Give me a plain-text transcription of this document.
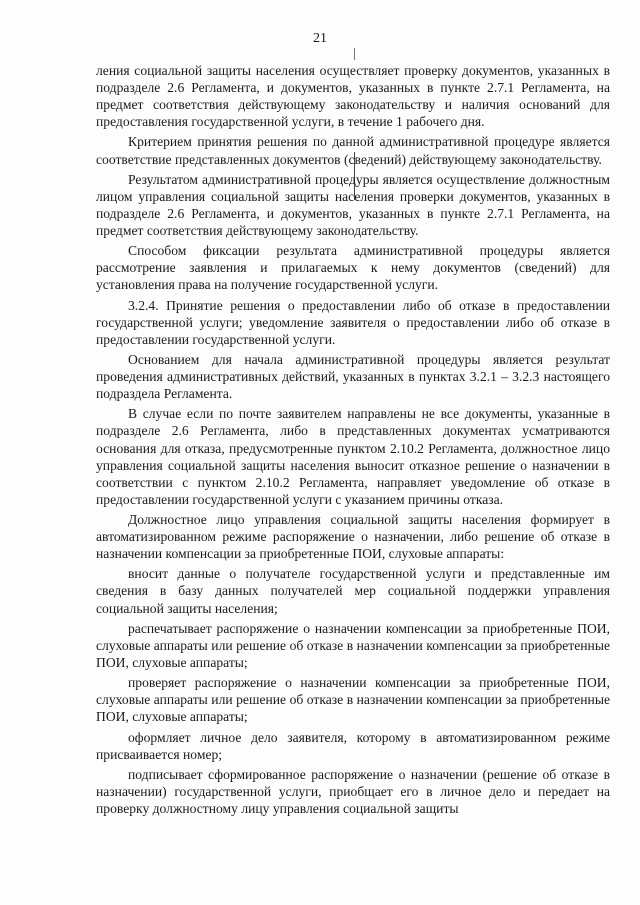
21

ления социальной защиты населения осуществляет проверку документов, указанных в подразделе 2.6 Регламента, и документов, указанных в пункте 2.7.1 Регламента, на предмет соответствия действующему законодательству и наличия оснований для предоставления государственной услуги, в течение 1 рабочего дня.

Критерием принятия решения по данной административной процедуре является соответствие представленных документов (сведений) действующему законодательству.

Результатом административной процедуры является осуществление должностным лицом управления социальной защиты населения проверки документов, указанных в подразделе 2.6 Регламента, и документов, указанных в пункте 2.7.1 Регламента, на предмет соответствия действующему законодательству.

Способом фиксации результата административной процедуры является рассмотрение заявления и прилагаемых к нему документов (сведений) для установления права на получение государственной услуги.

3.2.4. Принятие решения о предоставлении либо об отказе в предоставлении государственной услуги; уведомление заявителя о предоставлении либо об отказе в предоставлении государственной услуги.

Основанием для начала административной процедуры является результат проведения административных действий, указанных в пунктах 3.2.1 – 3.2.3 настоящего подраздела Регламента.

В случае если по почте заявителем направлены не все документы, указанные в подразделе 2.6 Регламента, либо в представленных документах усматриваются основания для отказа, предусмотренные пунктом 2.10.2 Регламента, должностное лицо управления социальной защиты населения выносит отказное решение о назначении в соответствии с пунктом 2.10.2 Регламента, направляет уведомление об отказе в предоставлении государственной услуги с указанием причины отказа.

Должностное лицо управления социальной защиты населения формирует в автоматизированном режиме распоряжение о назначении, либо решение об отказе в назначении компенсации за приобретенные ПОИ, слуховые аппараты:

вносит данные о получателе государственной услуги и представленные им сведения в базу данных получателей мер социальной поддержки управления социальной защиты населения;

распечатывает распоряжение о назначении компенсации за приобретенные ПОИ, слуховые аппараты или решение об отказе в назначении компенсации за приобретенные ПОИ, слуховые аппараты;

проверяет распоряжение о назначении компенсации за приобретенные ПОИ, слуховые аппараты или решение об отказе в назначении компенсации за приобретенные ПОИ, слуховые аппараты;

оформляет личное дело заявителя, которому в автоматизированном режиме присваивается номер;

подписывает сформированное распоряжение о назначении (решение об отказе в назначении) государственной услуги, приобщает его в личное дело и передает на проверку должностному лицу управления социальной защиты
